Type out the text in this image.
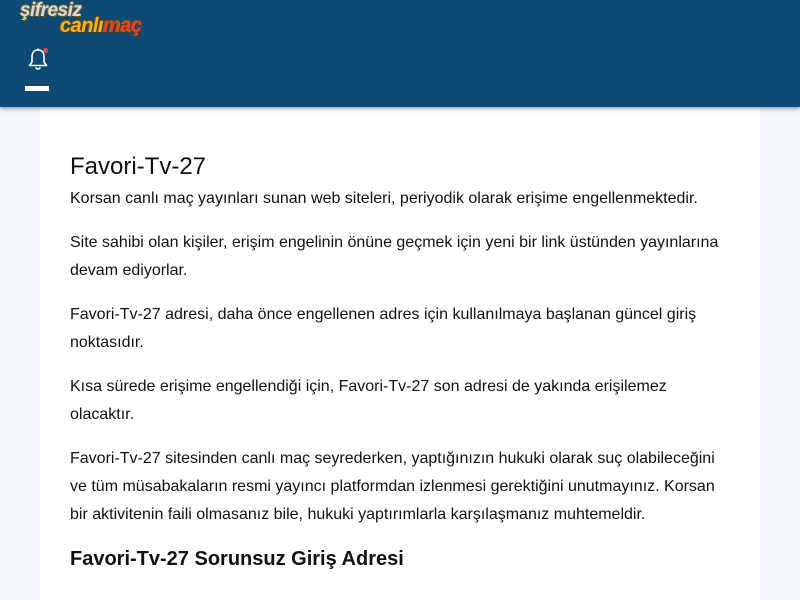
şifresiz
canlımaç
Favori-Tv-27

Korsan canlı maç yayınları sunan web siteleri, periyodik olarak erişime engellenmektedir.

Site sahibi olan kişiler, erişim engelinin önüne geçmek için yeni bir link üstünden yayınlarına devam ediyorlar.

Favori-Tv-27 adresi, daha önce engellenen adres için kullanılmaya başlanan güncel giriş noktasıdır.

Kısa sürede erişime engellendiği için, Favori-Tv-27 son adresi de yakında erişilemez olacaktır.

Favori-Tv-27 sitesinden canlı maç seyrederken, yaptığınızın hukuki olarak suç olabileceğini ve tüm müsabakaların resmi yayıncı platformdan izlenmesi gerektiğini unutmayınız. Korsan bir aktivitenin faili olmasanız bile, hukuki yaptırımlarla karşılaşmanız muhtemeldir.

Favori-Tv-27 Sorunsuz Giriş Adresi
